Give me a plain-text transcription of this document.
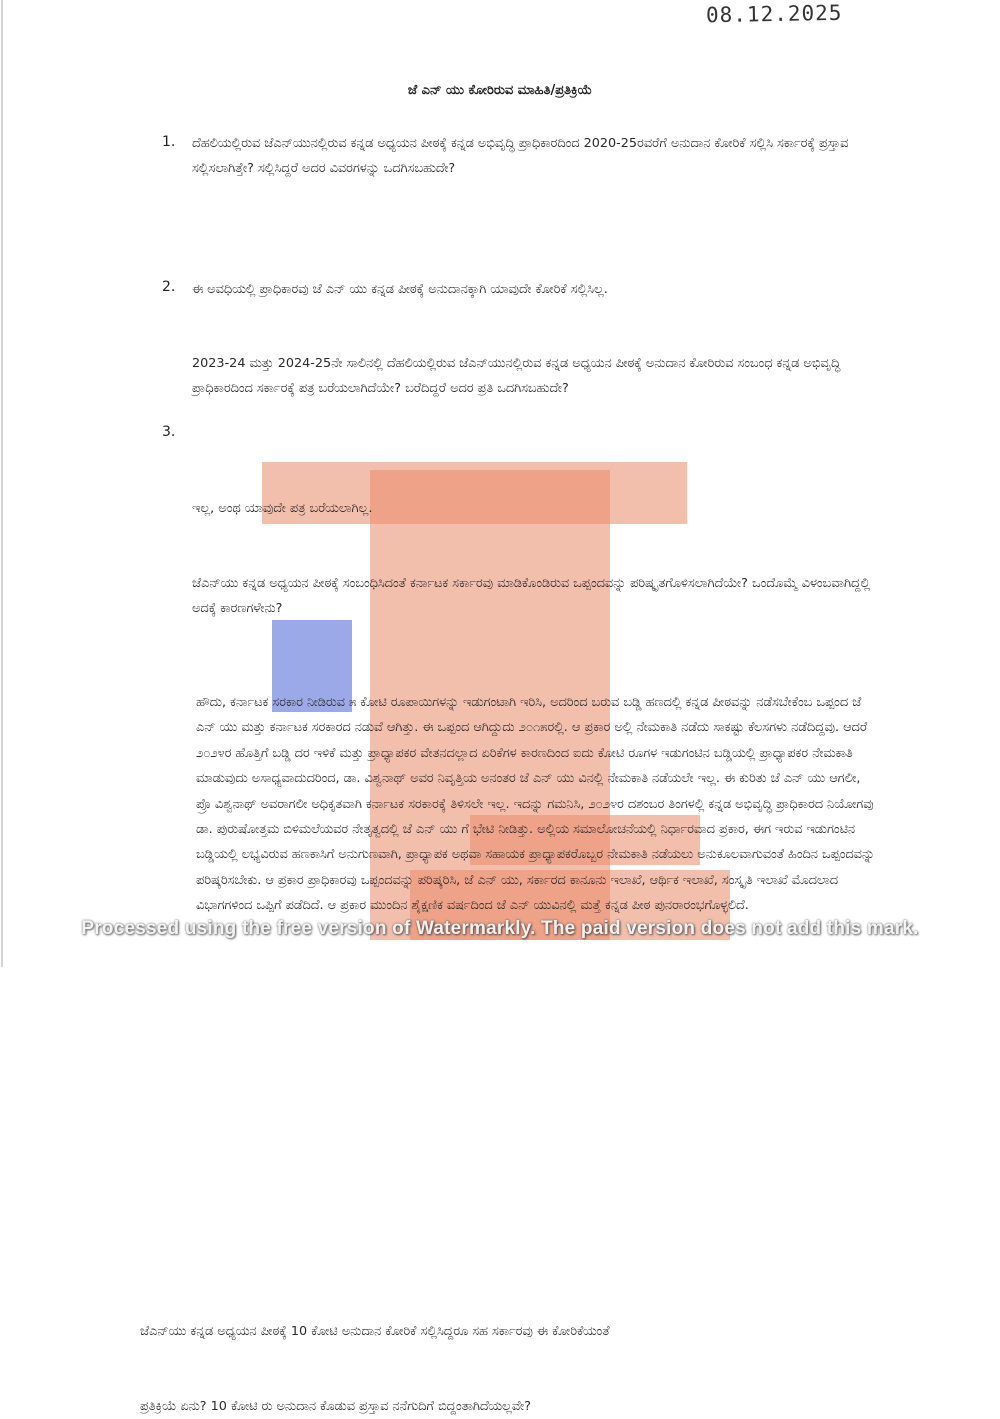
08.12.2025
ಜೆ ಎನ್ ಯು ಕೋರಿರುವ ಮಾಹಿತಿ/ಪ್ರತಿಕ್ರಿಯೆ
1. ದೆಹಲಿಯಲ್ಲಿರುವ ಜೆಎನ್‌ಯುನಲ್ಲಿರುವ ಕನ್ನಡ ಅಧ್ಯಯನ ಪೀಠಕ್ಕೆ ಕನ್ನಡ ಅಭಿವೃದ್ಧಿ ಪ್ರಾಧಿಕಾರದಿಂದ 2020-25ರವರೆಗೆ ಅನುದಾನ ಕೋರಿಕೆ ಸಲ್ಲಿಸಿ ಸರ್ಕಾರಕ್ಕೆ ಪ್ರಸ್ತಾವ ಸಲ್ಲಿಸಲಾಗಿತ್ತೇ? ಸಲ್ಲಿಸಿದ್ದರೆ ಅದರ ವಿವರಗಳನ್ನು ಒದಗಿಸಬಹುದೇ?
ಈ ಅವಧಿಯಲ್ಲಿ ಪ್ರಾಧಿಕಾರವು ಜೆ ಎನ್ ಯು ಕನ್ನಡ ಪೀಠಕ್ಕೆ ಅನುದಾನಕ್ಕಾಗಿ ಯಾವುದೇ ಕೋರಿಕೆ ಸಲ್ಲಿಸಿಲ್ಲ.
2.
2023-24 ಮತ್ತು 2024-25ನೇ ಸಾಲಿನಲ್ಲಿ ದೆಹಲಿಯಲ್ಲಿರುವ ಜೆಎನ್‌ಯುನಲ್ಲಿರುವ ಕನ್ನಡ ಅಧ್ಯಯನ ಪೀಠಕ್ಕೆ ಅನುದಾನ ಕೋರಿರುವ ಸಂಬಂಧ ಕನ್ನಡ ಅಭಿವೃದ್ಧಿ ಪ್ರಾಧಿಕಾರದಿಂದ ಸರ್ಕಾರಕ್ಕೆ ಪತ್ರ ಬರೆಯಲಾಗಿದೆಯೇ? ಬರೆದಿದ್ದರೆ ಅದರ ಪ್ರತಿ ಒದಗಿಸಬಹುದೇ?
ಇಲ್ಲ, ಅಂಥ ಯಾವುದೇ ಪತ್ರ ಬರೆಯಲಾಗಿಲ್ಲ.
3.
ಜೆಎನ್‌ಯು ಕನ್ನಡ ಅಧ್ಯಯನ ಪೀಠಕ್ಕೆ ಸಂಬಂಧಿಸಿದಂತೆ ಕರ್ನಾಟಕ ಸರ್ಕಾರವು ಮಾಡಿಕೊಂಡಿರುವ ಒಪ್ಪಂದವನ್ನು ಪರಿಷ್ಕೃತಗೊಳಿಸಲಾಗಿದೆಯೇ? ಒಂದೊಮ್ಮೆ ವಿಳಂಬವಾಗಿದ್ದಲ್ಲಿ ಅದಕ್ಕೆ ಕಾರಣಗಳೇನು?
ಹೌದು, ಕರ್ನಾಟಕ ಸರಕಾರ ನೀಡಿರುವ ೫ ಕೋಟಿ ರೂಪಾಯಿಗಳನ್ನು ಇಡುಗಂಟಾಗಿ ಇರಿಸಿ, ಅದರಿಂದ ಬರುವ ಬಡ್ಡಿ ಹಣದಲ್ಲಿ ಕನ್ನಡ ಪೀಠವನ್ನು ನಡೆಸಬೇಕೆಂಬ ಒಪ್ಪಂದ ಜೆ ಎನ್ ಯು ಮತ್ತು ಕರ್ನಾಟಕ ಸರಕಾರದ ನಡುವೆ ಆಗಿತ್ತು. ಈ ಒಪ್ಪಂದ ಆಗಿದ್ದುದು ೨೦೧೫ರಲ್ಲಿ. ಆ ಪ್ರಕಾರ ಅಲ್ಲಿ ನೇಮಕಾತಿ ನಡೆದು ಸಾಕಷ್ಟು ಕೆಲಸಗಳು ನಡೆದಿದ್ದವು. ಆದರೆ ೨೦೨೪ರ ಹೊತ್ತಿಗೆ ಬಡ್ಡಿ ದರ ಇಳಿಕೆ ಮತ್ತು ಪ್ರಾಧ್ಯಾಪಕರ ವೇತನದಲ್ಲಾದ ಏರಿಕೆಗಳ ಕಾರಣದಿಂದ ಐದು ಕೋಟಿ ರೂಗಳ ಇಡುಗಂಟಿನ ಬಡ್ಡಿಯಲ್ಲಿ ಪ್ರಾಧ್ಯಾಪಕರ ನೇಮಕಾತಿ ಮಾಡುವುದು ಅಸಾಧ್ಯವಾದುದರಿಂದ, ಡಾ. ವಿಶ್ವನಾಥ್ ಅವರ ನಿವೃತ್ತಿಯ ಅನಂತರ ಜೆ ಎನ್ ಯು ವಿನಲ್ಲಿ ನೇಮಕಾತಿ ನಡೆಯಲೇ ಇಲ್ಲ. ಈ ಕುರಿತು ಜೆ ಎನ್ ಯು ಆಗಲೀ, ಪ್ರೊ ವಿಶ್ವನಾಥ್ ಅವರಾಗಲೀ ಅಧಿಕೃತವಾಗಿ ಕರ್ನಾಟಕ ಸರಕಾರಕ್ಕೆ ತಿಳಿಸಲೇ ಇಲ್ಲ. ಇದನ್ನು ಗಮನಿಸಿ, ೨೦೨೪ರ ದಶಂಬರ ತಿಂಗಳಲ್ಲಿ ಕನ್ನಡ ಅಭಿವೃದ್ಧಿ ಪ್ರಾಧಿಕಾರದ ನಿಯೋಗವು ಡಾ. ಪುರುಷೋತ್ತಮ ಬಿಳಿಮಲೆಯವರ ನೇತೃತ್ವದಲ್ಲಿ ಜೆ ಎನ್ ಯು ಗೆ ಭೇಟಿ ನೀಡಿತ್ತು. ಅಲ್ಲಿಯ ಸಮಾಲೋಚನೆಯಲ್ಲಿ ನಿರ್ಧಾರವಾದ ಪ್ರಕಾರ, ಈಗ ಇರುವ ಇಡುಗಂಟಿನ ಬಡ್ಡಿಯಲ್ಲಿ ಲಭ್ಯವಿರುವ ಹಣಕಾಸಿಗೆ ಅನುಗುಣವಾಗಿ, ಪ್ರಾಧ್ಯಾಪಕ ಅಥವಾ ಸಹಾಯಕ ಪ್ರಾಧ್ಯಾಪಕರೊಬ್ಬರ ನೇಮಕಾತಿ ನಡೆಯಲು ಅನುಕೂಲವಾಗುವಂತೆ ಹಿಂದಿನ ಒಪ್ಪಂದವನ್ನು ಪರಿಷ್ಕರಿಸಬೇಕು. ಆ ಪ್ರಕಾರ ಪ್ರಾಧಿಕಾರವು ಒಪ್ಪಂದವನ್ನು ಪರಿಷ್ಕರಿಸಿ, ಜೆ ಎನ್ ಯು, ಸರ್ಕಾರದ ಕಾನೂನು ಇಲಾಖೆ, ಆರ್ಥಿಕ ಇಲಾಖೆ, ಸಂಸ್ಕೃತಿ ಇಲಾಖೆ ಮೊದಲಾದ ವಿಭಾಗಗಳಿಂದ ಒಪ್ಪಿಗೆ ಪಡೆದಿದೆ. ಆ ಪ್ರಕಾರ ಮುಂದಿನ ಶೈಕ್ಷಣಿಕ ವರ್ಷದಿಂದ ಜೆ ಎನ್ ಯುವಿನಲ್ಲಿ ಮತ್ತೆ ಕನ್ನಡ ಪೀಠ ಪುನರಾರಂಭಗೊಳ್ಳಲಿದೆ.
ಜೆಎನ್‌ಯು ಕನ್ನಡ ಅಧ್ಯಯನ ಪೀಠಕ್ಕೆ 10 ಕೋಟಿ ಅನುದಾನ ಕೋರಿಕೆ ಸಲ್ಲಿಸಿದ್ದರೂ ಸಹ ಸರ್ಕಾರವು ಈ ಕೋರಿಕೆಯಂತೆ
ಪ್ರತಿಕ್ರಿಯೆ ಏನು? 10 ಕೋಟಿ ರು ಅನುದಾನ ಕೊಡುವ ಪ್ರಸ್ತಾವ ನನೆಗುದಿಗೆ ಬಿದ್ದಂತಾಗಿದೆಯಲ್ಲವೇ?
Processed using the free version of Watermarkly. The paid version does not add this mark.
